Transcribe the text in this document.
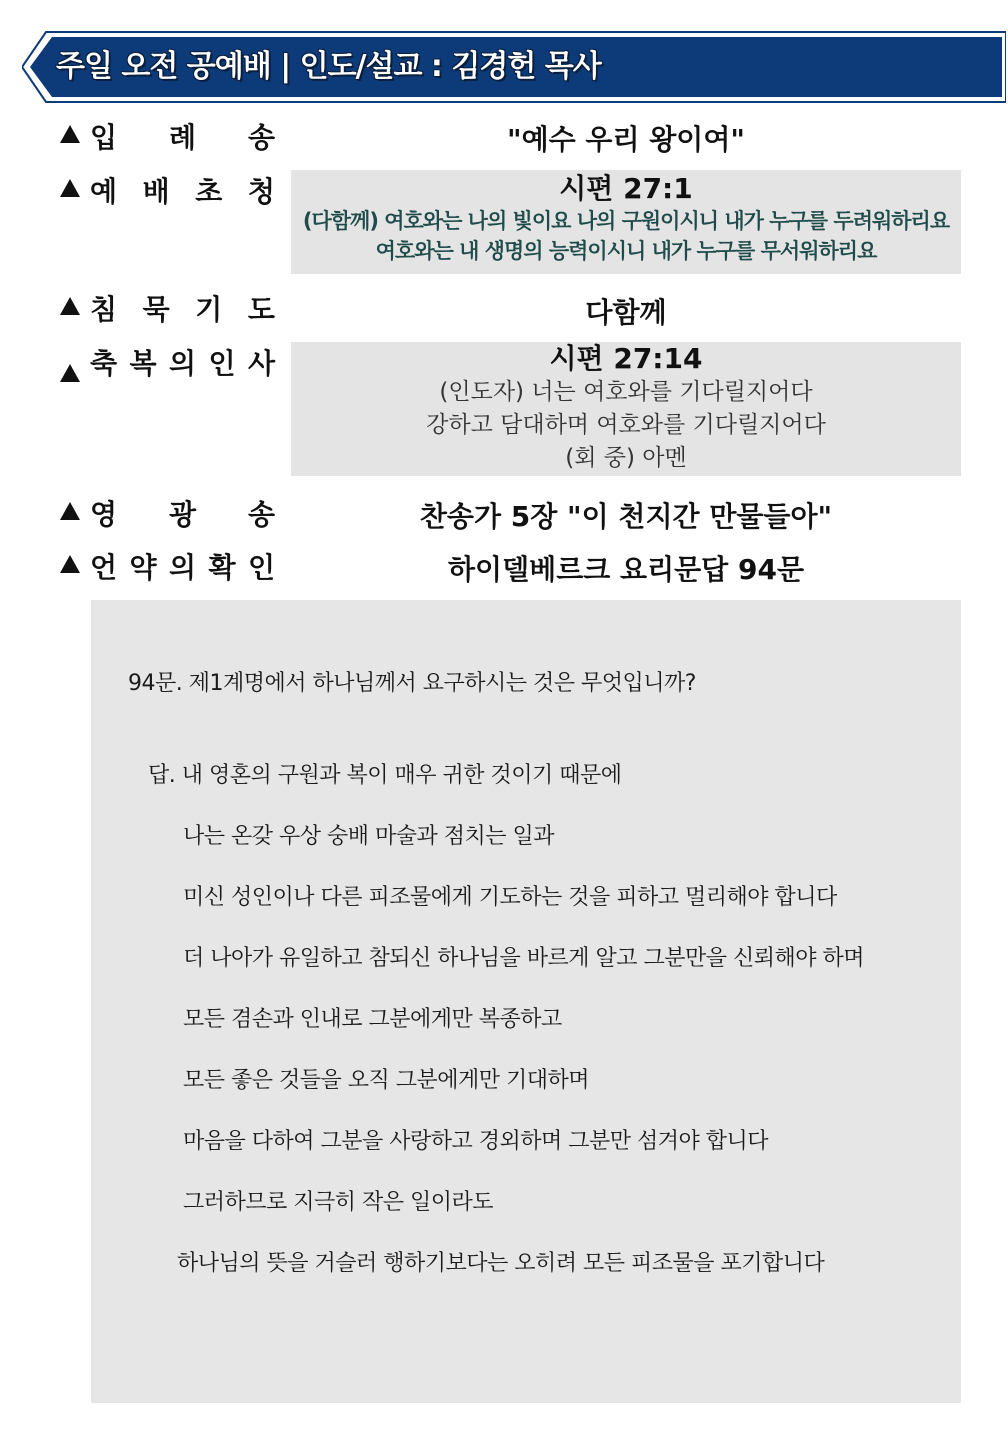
주일 오전 공예배 | 인도/설교 : 김경헌 목사
입 례 송	"예수 우리 왕이여"
예 배 초 청	시편 27:1
(다함께) 여호와는 나의 빛이요 나의 구원이시니 내가 누구를 두려워하리요
여호와는 내 생명의 능력이시니 내가 누구를 무서워하리요
침 묵 기 도	다함께
축 복 의 인 사	시편 27:14
(인도자) 너는 여호와를 기다릴지어다
강하고 담대하며 여호와를 기다릴지어다
(회 중) 아멘
영 광 송	찬송가 5장 "이 천지간 만물들아"
언 약 의 확 인	하이델베르크 요리문답 94문
94문. 제1계명에서 하나님께서 요구하시는 것은 무엇입니까?
답. 내 영혼의 구원과 복이 매우 귀한 것이기 때문에
나는 온갖 우상 숭배 마술과 점치는 일과
미신 성인이나 다른 피조물에게 기도하는 것을 피하고 멀리해야 합니다
더 나아가 유일하고 참되신 하나님을 바르게 알고 그분만을 신뢰해야 하며
모든 겸손과 인내로 그분에게만 복종하고
모든 좋은 것들을 오직 그분에게만 기대하며
마음을 다하여 그분을 사랑하고 경외하며 그분만 섬겨야 합니다
그러하므로 지극히 작은 일이라도
하나님의 뜻을 거슬러 행하기보다는 오히려 모든 피조물을 포기합니다
